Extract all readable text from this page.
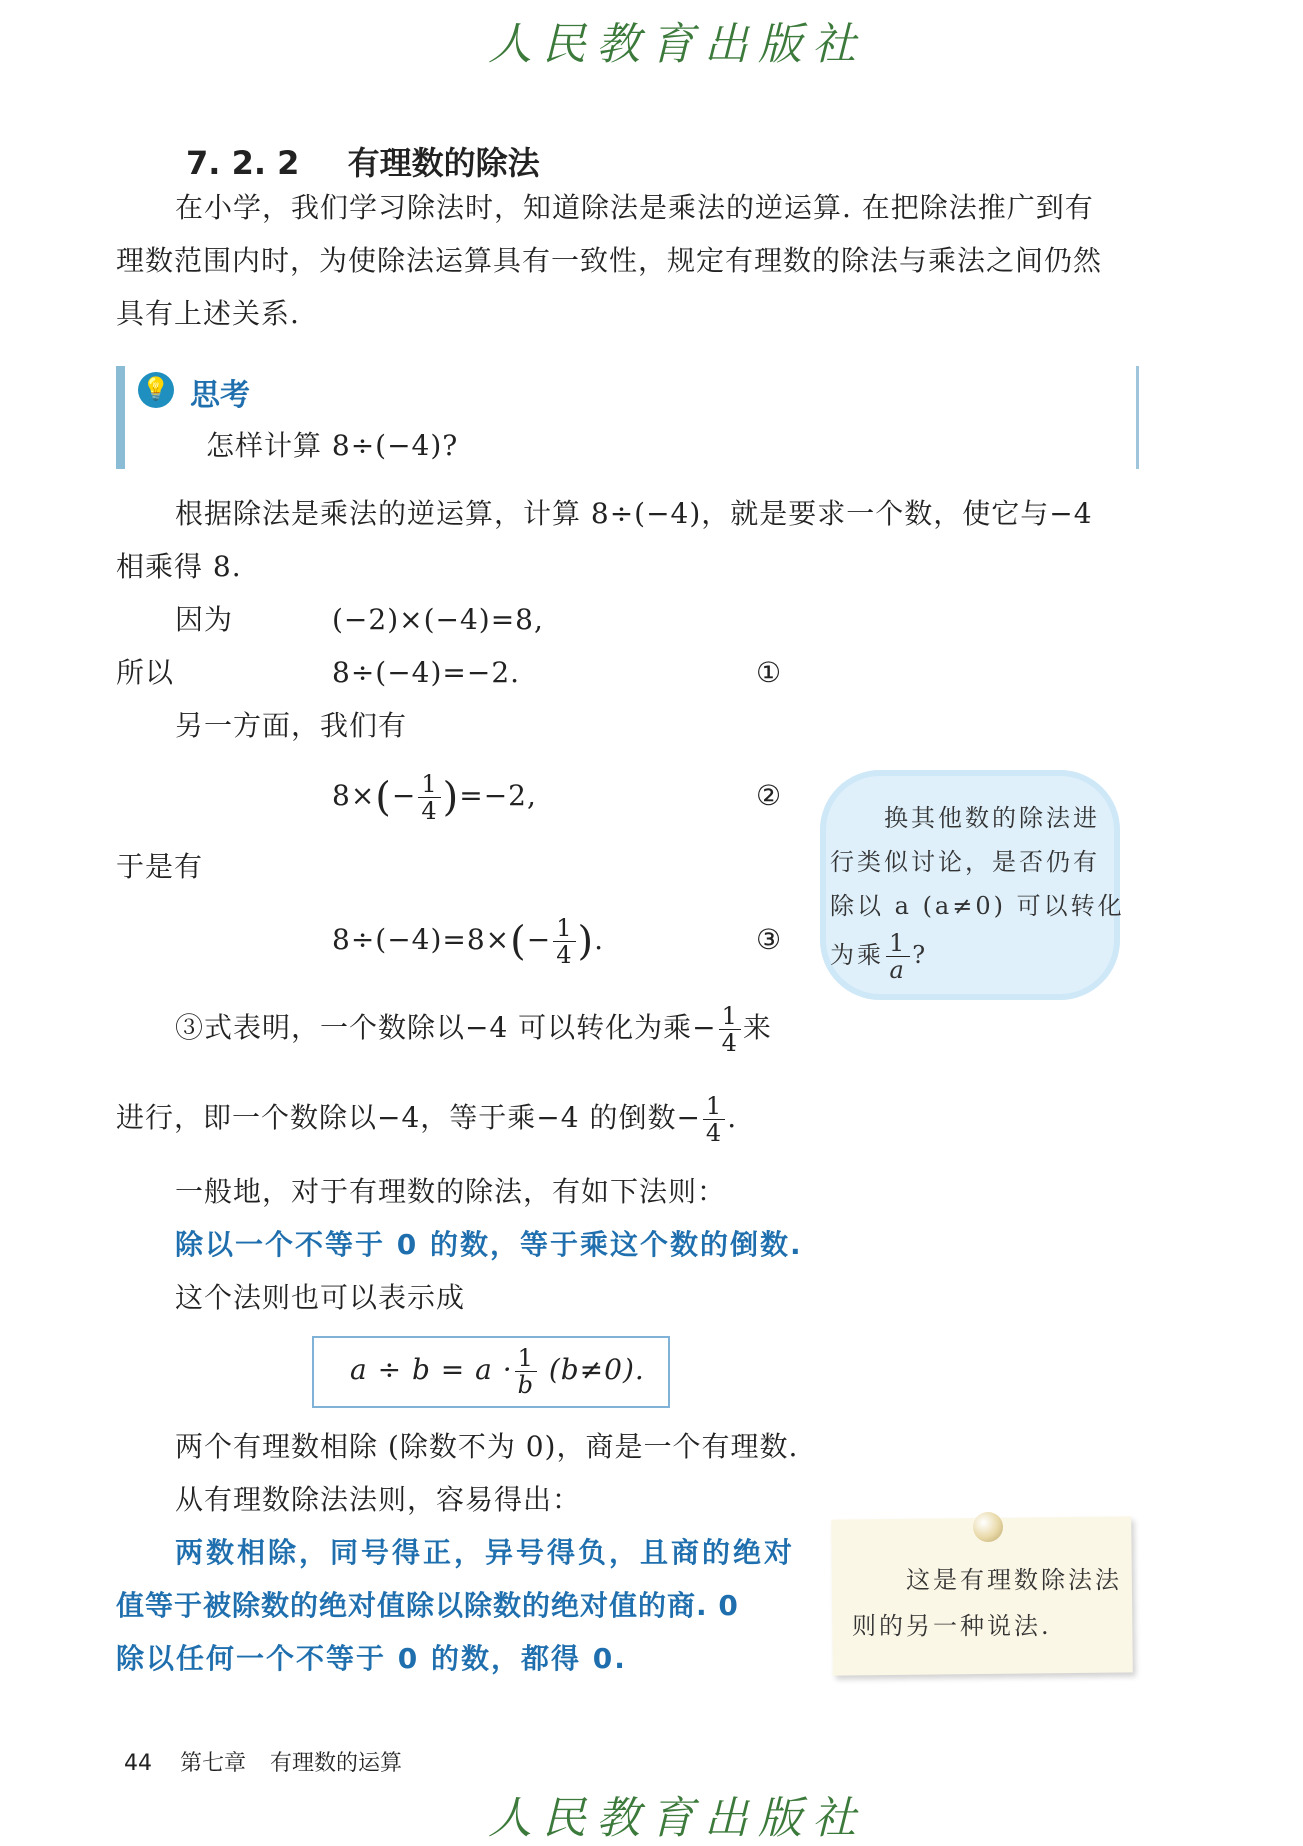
人民教育出版社
7. 2. 2 有理数的除法
在小学，我们学习除法时，知道除法是乘法的逆运算. 在把除法推广到有
理数范围内时，为使除法运算具有一致性，规定有理数的除法与乘法之间仍然
具有上述关系.
💡 思考
怎样计算 8÷(−4)?
根据除法是乘法的逆运算，计算 8÷(−4)，就是要求一个数，使它与−4
相乘得 8.
因为	(−2)×(−4)=8,
所以	8÷(−4)=−2.	①
另一方面，我们有
$8\times(- \frac{1}{4} )=-2$,	②
于是有
$8\div(-4)=8\times(- \frac{1}{4}$ ).	③
③式表明，一个数除以−4 可以转化为乘− $\frac{1}{4}$ 来
进行，即一个数除以−4，等于乘−4 的倒数− $\frac{1}{4}$ .
换其他数的除法进
行类似讨论，是否仍有
除以 a (a≠0) 可以转化
为乘 $\frac{1}{a}$ ?
一般地，对于有理数的除法，有如下法则：
除以一个不等于 0 的数，等于乘这个数的倒数.
这个法则也可以表示成
$a \div b = a \cdot \frac{1}{b} (b\ne 0)$.
两个有理数相除 (除数不为 0)，商是一个有理数.
从有理数除法法则，容易得出：
两数相除，同号得正，异号得负，且商的绝对
值等于被除数的绝对值除以除数的绝对值的商. 0
除以任何一个不等于 0 的数，都得 0.
这是有理数除法法
则的另一种说法.
44 第七章 有理数的运算
人民教育出版社
